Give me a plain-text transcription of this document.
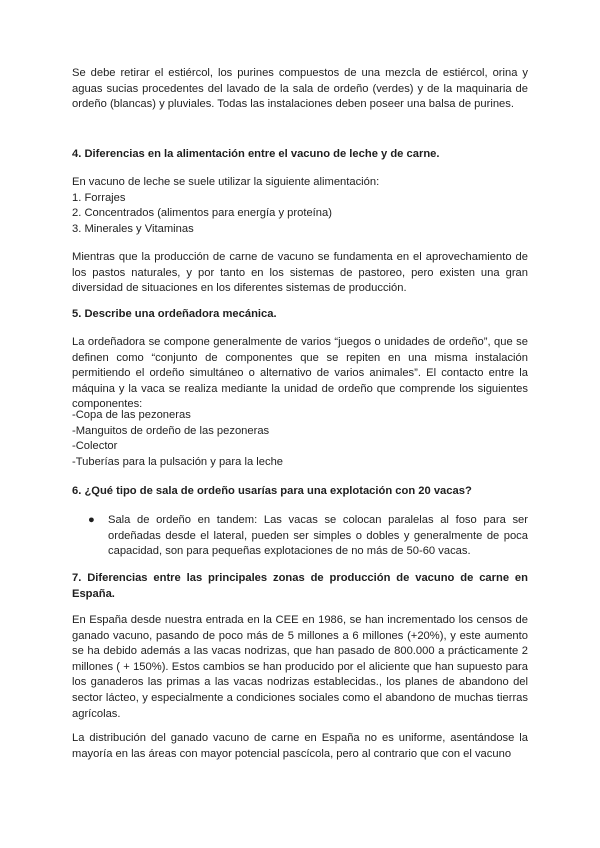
Se debe retirar el estiércol, los purines compuestos de una mezcla de estiércol, orina y aguas sucias procedentes del lavado de la sala de ordeño (verdes) y de la maquinaria de ordeño (blancas) y pluviales. Todas las instalaciones deben poseer una balsa de purines.

4. Diferencias en la alimentación entre el vacuno de leche y de carne.

En vacuno de leche se suele utilizar la siguiente alimentación:
1. Forrajes
2. Concentrados (alimentos para energía y proteína)
3. Minerales y Vitaminas

Mientras que la producción de carne de vacuno se fundamenta en el aprovechamiento de los pastos naturales, y por tanto en los sistemas de pastoreo, pero existen una gran diversidad de situaciones en los diferentes sistemas de producción.

5. Describe una ordeñadora mecánica.

La ordeñadora se compone generalmente de varios “juegos o unidades de ordeño”, que se definen como “conjunto de componentes que se repiten en una misma instalación permitiendo el ordeño simultáneo o alternativo de varios animales”. El contacto entre la máquina y la vaca se realiza mediante la unidad de ordeño que comprende los siguientes componentes:

-Copa de las pezoneras
-Manguitos de ordeño de las pezoneras
-Colector
-Tuberías para la pulsación y para la leche

6. ¿Qué tipo de sala de ordeño usarías para una explotación con 20 vacas?

●	Sala de ordeño en tandem: Las vacas se colocan paralelas al foso para ser ordeñadas desde el lateral, pueden ser simples o dobles y generalmente de poca capacidad, son para pequeñas explotaciones de no más de 50-60 vacas.

7. Diferencias entre las principales zonas de producción de vacuno de carne en España.

En España desde nuestra entrada en la CEE en 1986, se han incrementado los censos de ganado vacuno, pasando de poco más de 5 millones a 6 millones (+20%), y este aumento se ha debido además a las vacas nodrizas, que han pasado de 800.000 a prácticamente 2 millones ( + 150%). Estos cambios se han producido por el aliciente que han supuesto para los ganaderos las primas a las vacas nodrizas establecidas., los planes de abandono del sector lácteo, y especialmente a condiciones sociales como el abandono de muchas tierras agrícolas.

La distribución del ganado vacuno de carne en España no es uniforme, asentándose la mayoría en las áreas con mayor potencial pascícola, pero al contrario que con el vacuno
